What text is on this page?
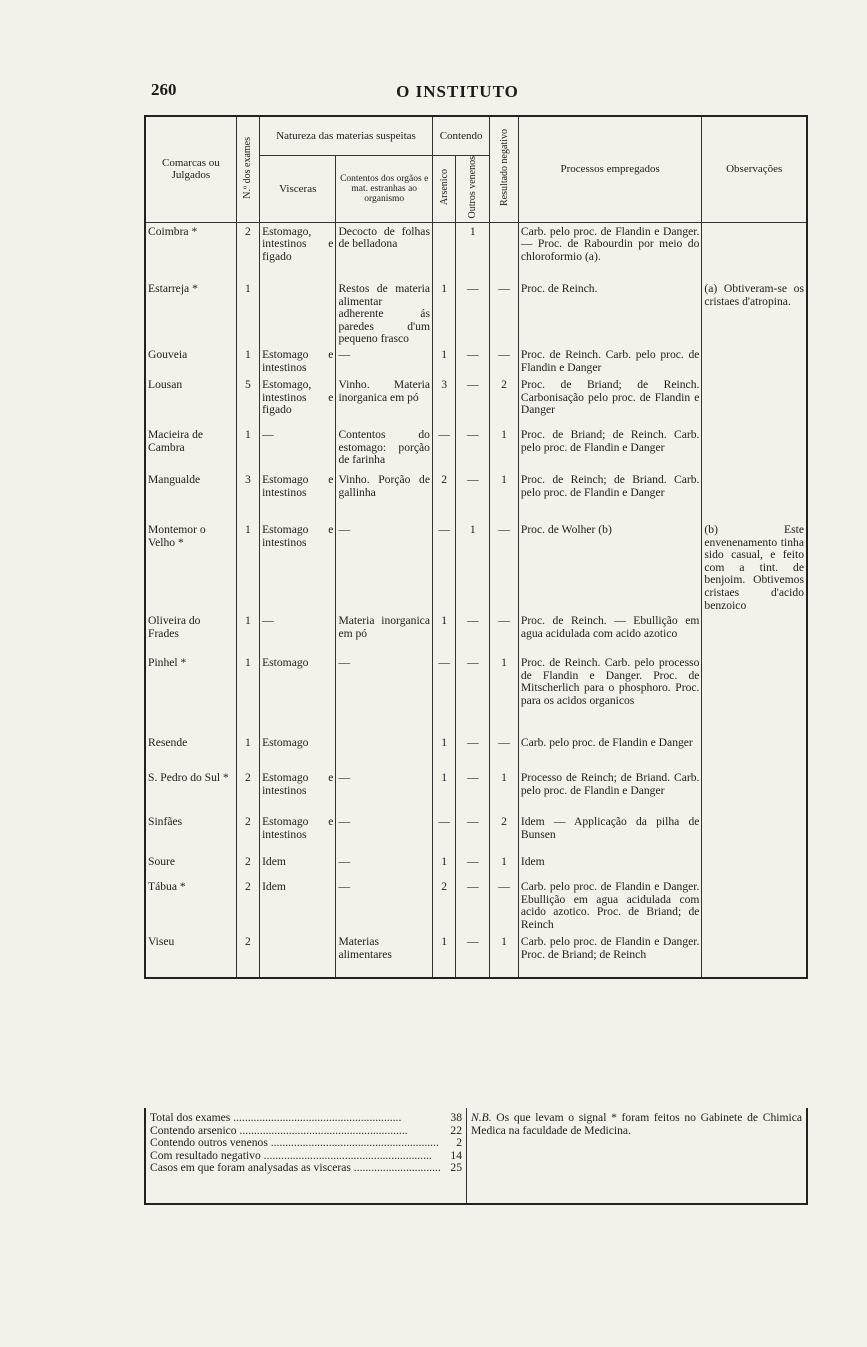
260	O INSTITUTO
Comarcas ou Julgados	N.º dos exames	Natureza das materias suspeitas		Contendo		Resultado negativo	Processos empregados	Observações
		Visceras	Contentos dos orgãos e mat. estranhas ao organismo	Arsenico	Outros venenos			
Coimbra *	2	Estomago, intestinos e figado	Decocto de folhas de belladona		1		Carb. pelo proc. de Flandin e Danger. — Proc. de Rabourdin por meio do chloroformio (a).	
Estarreja *	1		Restos de materia alimentar adherente ás paredes d'um pequeno frasco	1	—	—	Proc. de Reinch.	(a) Obtiveram-se os cristaes d'atropina.
Gouveia	1	Estomago e intestinos	—	1	—	—	Proc. de Reinch. Carb. pelo proc. de Flandin e Danger	
Lousan	5	Estomago, intestinos e figado	Vinho. Materia inorganica em pó	3	—	2	Proc. de Briand; de Reinch. Carbonisação pelo proc. de Flandin e Danger	
Macieira de Cambra	1	—	Contentos do estomago: porção de farinha	—	—	1	Proc. de Briand; de Reinch. Carb. pelo proc. de Flandin e Danger	
Mangualde	3	Estomago e intestinos	Vinho. Porção de gallinha	2	—	1	Proc. de Reinch; de Briand. Carb. pelo proc. de Flandin e Danger	
Montemor o Velho *	1	Estomago e intestinos	—	—	1	—	Proc. de Wolher (b)	(b) Este envenenamento tinha sido casual, e feito com a tint. de benjoim. Obtivemos cristaes d'acido benzoico
Oliveira do Frades	1	—	Materia inorganica em pó	1	—	—	Proc. de Reinch. — Ebullição em agua acidulada com acido azotico	
Pinhel *	1	Estomago	—	—	—	1	Proc. de Reinch. Carb. pelo processo de Flandin e Danger. Proc. de Mitscherlich para o phosphoro. Proc. para os acidos organicos	
Resende	1	Estomago		1	—	—	Carb. pelo proc. de Flandin e Danger	
S. Pedro do Sul *	2	Estomago e intestinos	—	1	—	1	Processo de Reinch; de Briand. Carb. pelo proc. de Flandin e Danger	
Sinfães	2	Estomago e intestinos	—	—	—	2	Idem — Applicação da pilha de Bunsen	
Soure	2	Idem	—	1	—	1	Idem	
Tábua *	2	Idem	—	2	—	—	Carb. pelo proc. de Flandin e Danger. Ebullição em agua acidulada com acido azotico. Proc. de Briand; de Reinch	
Viseu	2		Materias alimentares	1	—	1	Carb. pelo proc. de Flandin e Danger. Proc. de Briand; de Reinch	
Total dos exames .....	38
Contendo arsenico .....	22
Contendo outros venenos .....	2
Com resultado negativo .....	14
Casos em que foram analysadas as visceras .....	25
	N.B. Os que levam o signal * foram feitos no Gabinete de Chimica Medica na faculdade de Medicina.
